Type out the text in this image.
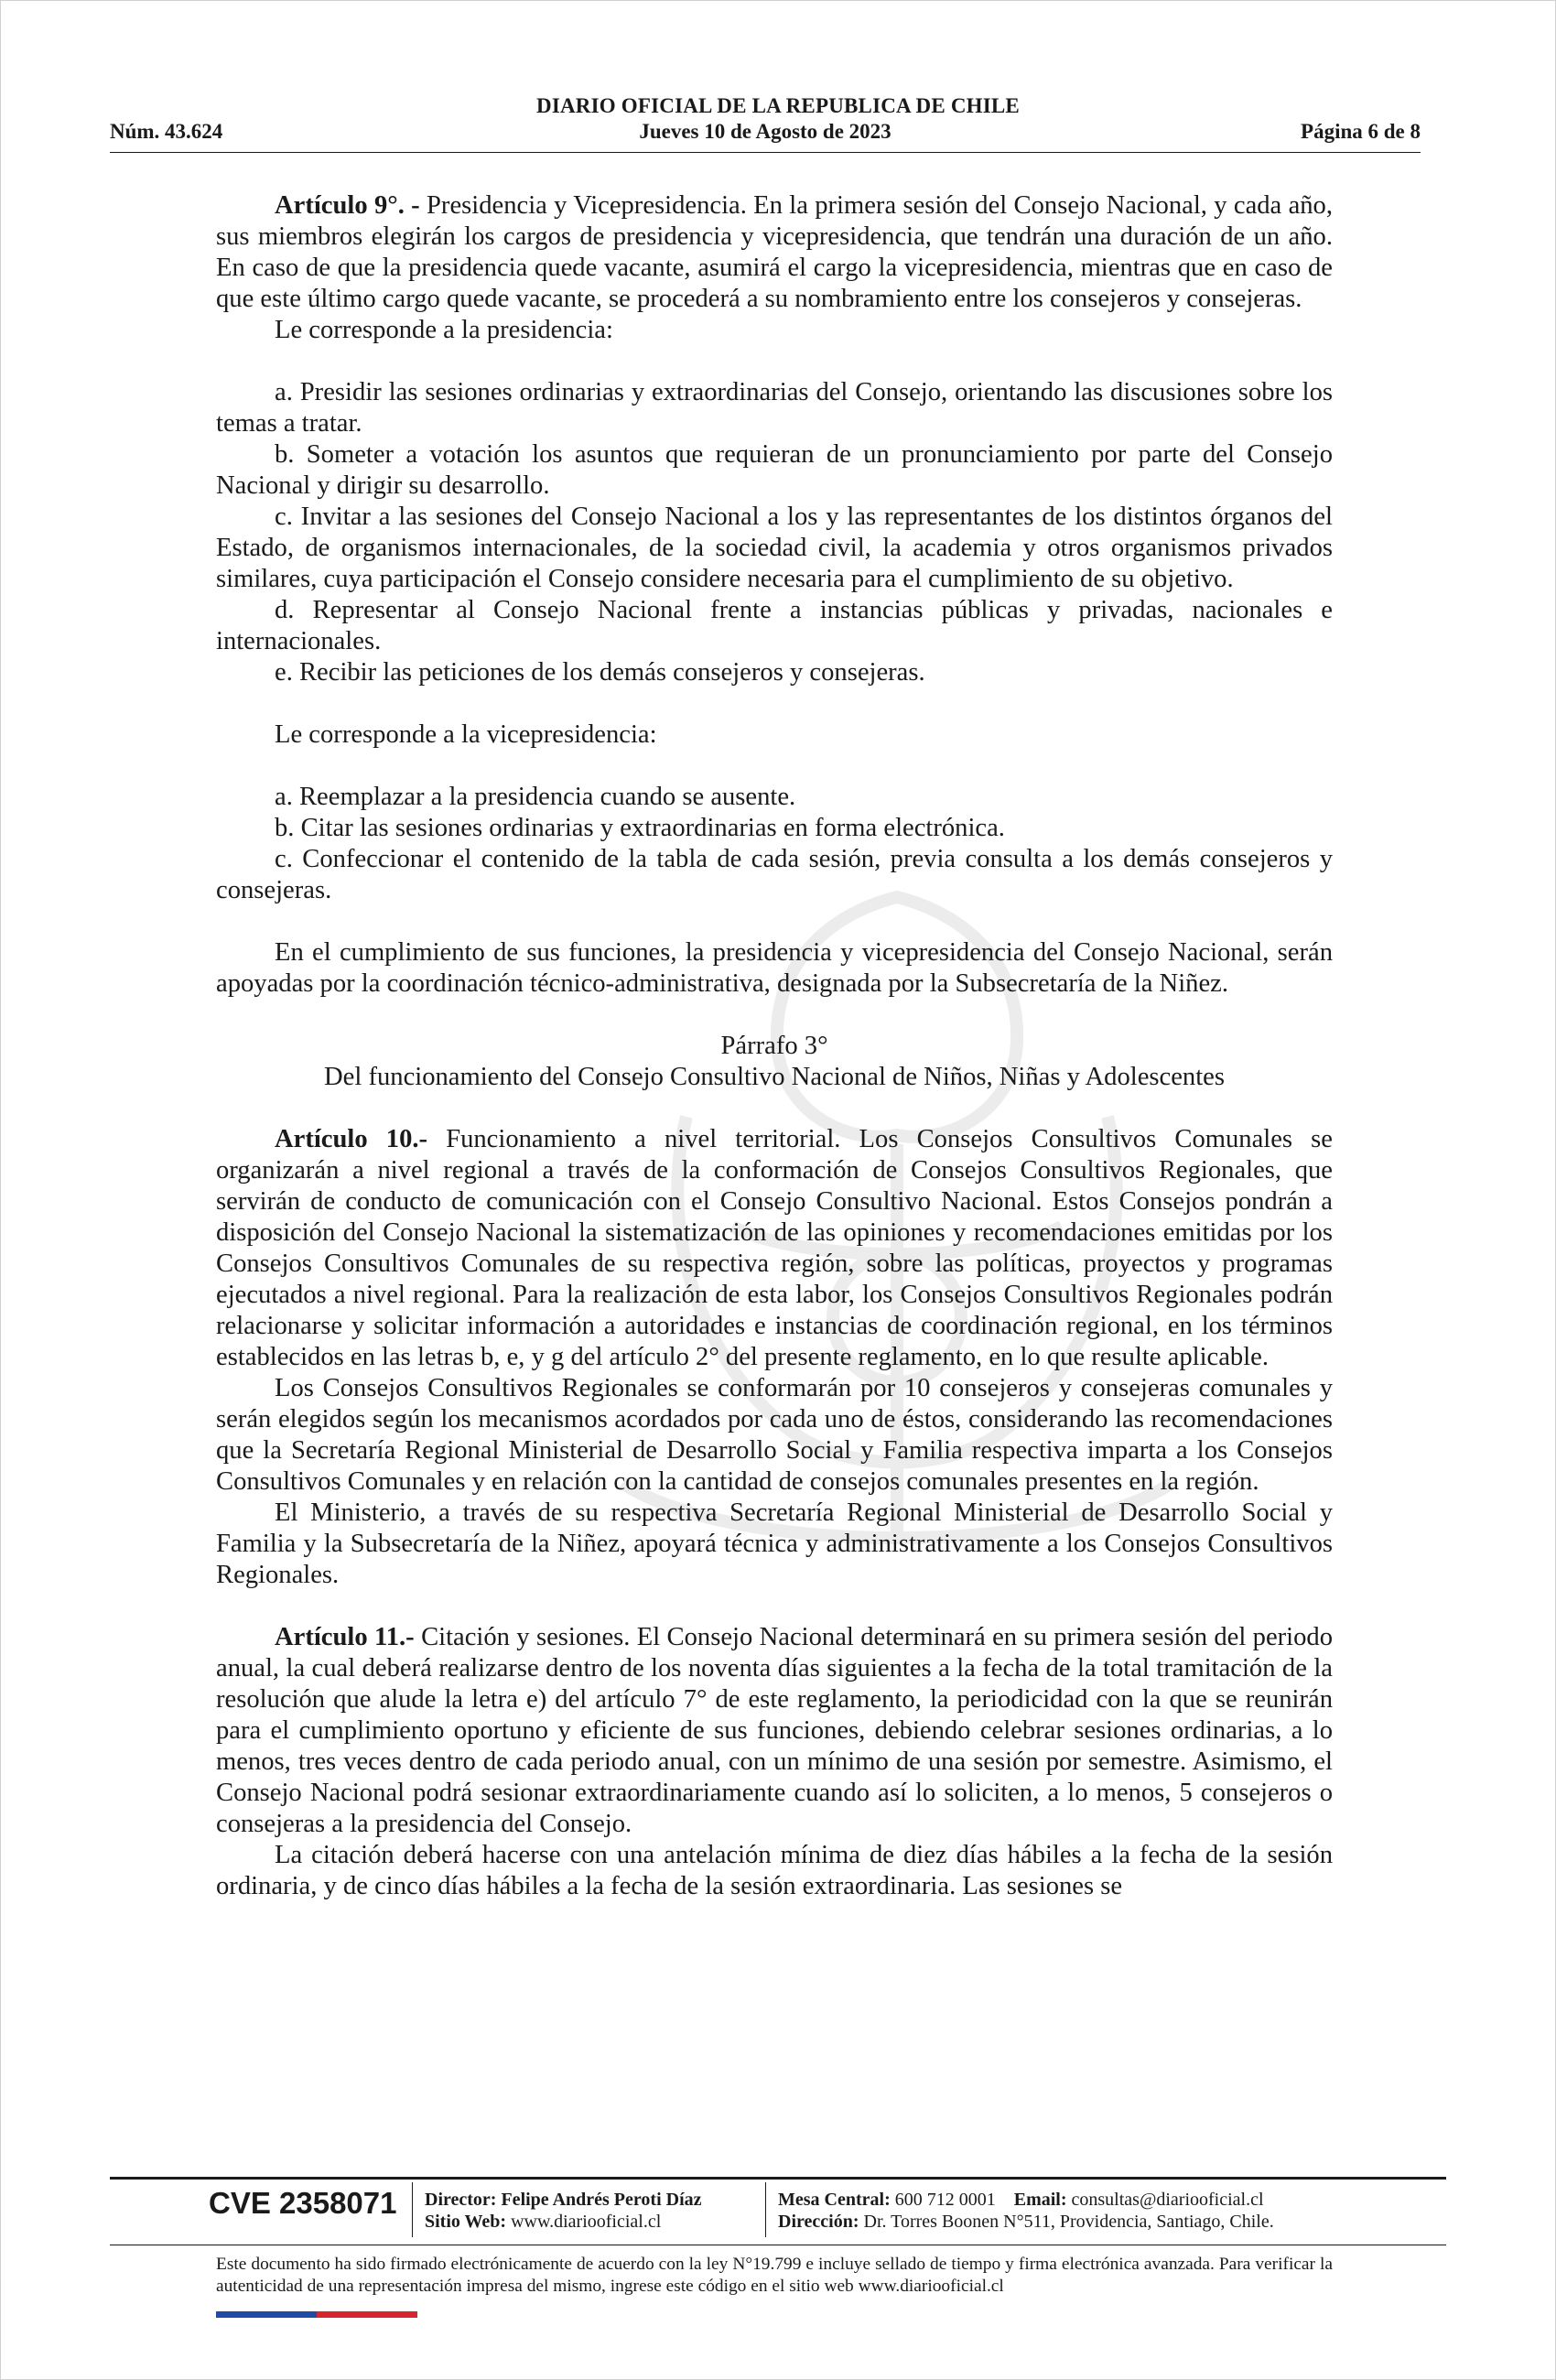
DIARIO OFICIAL DE LA REPUBLICA DE CHILE
Núm. 43.624	Jueves 10 de Agosto de 2023	Página 6 de 8

Artículo 9°. - Presidencia y Vicepresidencia. En la primera sesión del Consejo Nacional, y cada año, sus miembros elegirán los cargos de presidencia y vicepresidencia, que tendrán una duración de un año. En caso de que la presidencia quede vacante, asumirá el cargo la vicepresidencia, mientras que en caso de que este último cargo quede vacante, se procederá a su nombramiento entre los consejeros y consejeras.

Le corresponde a la presidencia:

a. Presidir las sesiones ordinarias y extraordinarias del Consejo, orientando las discusiones sobre los temas a tratar.

b. Someter a votación los asuntos que requieran de un pronunciamiento por parte del Consejo Nacional y dirigir su desarrollo.

c. Invitar a las sesiones del Consejo Nacional a los y las representantes de los distintos órganos del Estado, de organismos internacionales, de la sociedad civil, la academia y otros organismos privados similares, cuya participación el Consejo considere necesaria para el cumplimiento de su objetivo.

d. Representar al Consejo Nacional frente a instancias públicas y privadas, nacionales e internacionales.

e. Recibir las peticiones de los demás consejeros y consejeras.

Le corresponde a la vicepresidencia:

a. Reemplazar a la presidencia cuando se ausente.

b. Citar las sesiones ordinarias y extraordinarias en forma electrónica.

c. Confeccionar el contenido de la tabla de cada sesión, previa consulta a los demás consejeros y consejeras.

En el cumplimiento de sus funciones, la presidencia y vicepresidencia del Consejo Nacional, serán apoyadas por la coordinación técnico-administrativa, designada por la Subsecretaría de la Niñez.

Párrafo 3°

Del funcionamiento del Consejo Consultivo Nacional de Niños, Niñas y Adolescentes

Artículo 10.- Funcionamiento a nivel territorial. Los Consejos Consultivos Comunales se organizarán a nivel regional a través de la conformación de Consejos Consultivos Regionales, que servirán de conducto de comunicación con el Consejo Consultivo Nacional. Estos Consejos pondrán a disposición del Consejo Nacional la sistematización de las opiniones y recomendaciones emitidas por los Consejos Consultivos Comunales de su respectiva región, sobre las políticas, proyectos y programas ejecutados a nivel regional. Para la realización de esta labor, los Consejos Consultivos Regionales podrán relacionarse y solicitar información a autoridades e instancias de coordinación regional, en los términos establecidos en las letras b, e, y g del artículo 2° del presente reglamento, en lo que resulte aplicable.

Los Consejos Consultivos Regionales se conformarán por 10 consejeros y consejeras comunales y serán elegidos según los mecanismos acordados por cada uno de éstos, considerando las recomendaciones que la Secretaría Regional Ministerial de Desarrollo Social y Familia respectiva imparta a los Consejos Consultivos Comunales y en relación con la cantidad de consejos comunales presentes en la región.

El Ministerio, a través de su respectiva Secretaría Regional Ministerial de Desarrollo Social y Familia y la Subsecretaría de la Niñez, apoyará técnica y administrativamente a los Consejos Consultivos Regionales.

Artículo 11.- Citación y sesiones. El Consejo Nacional determinará en su primera sesión del periodo anual, la cual deberá realizarse dentro de los noventa días siguientes a la fecha de la total tramitación de la resolución que alude la letra e) del artículo 7° de este reglamento, la periodicidad con la que se reunirán para el cumplimiento oportuno y eficiente de sus funciones, debiendo celebrar sesiones ordinarias, a lo menos, tres veces dentro de cada periodo anual, con un mínimo de una sesión por semestre. Asimismo, el Consejo Nacional podrá sesionar extraordinariamente cuando así lo soliciten, a lo menos, 5 consejeros o consejeras a la presidencia del Consejo.

La citación deberá hacerse con una antelación mínima de diez días hábiles a la fecha de la sesión ordinaria, y de cinco días hábiles a la fecha de la sesión extraordinaria. Las sesiones se

CVE 2358071 Director: Felipe Andrés Peroti Díaz
Sitio Web: www.diariooficial.cl
Mesa Central: 600 712 0001 Email: consultas@diariooficial.cl
Dirección: Dr. Torres Boonen N°511, Providencia, Santiago, Chile.
Este documento ha sido firmado electrónicamente de acuerdo con la ley N°19.799 e incluye sellado de tiempo y firma electrónica avanzada. Para verificar la autenticidad de una representación impresa del mismo, ingrese este código en el sitio web www.diariooficial.cl
